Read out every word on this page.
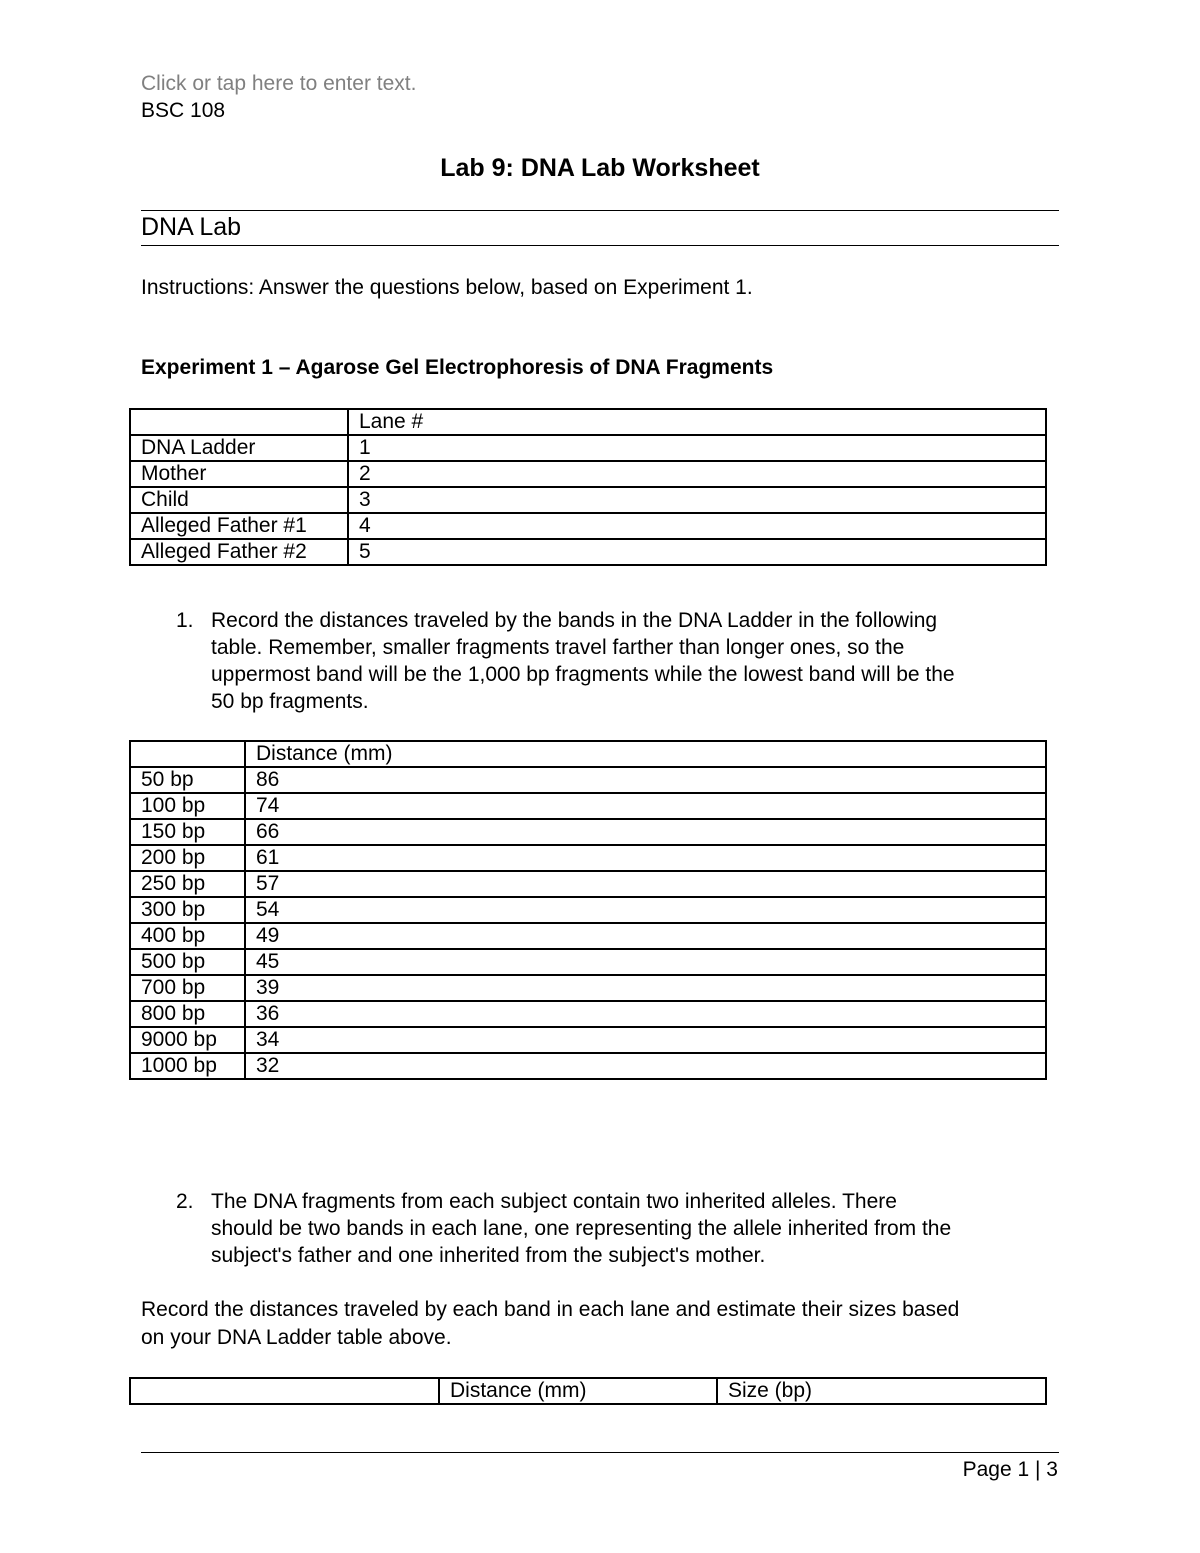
Click or tap here to enter text.
BSC 108
Lab 9: DNA Lab Worksheet
DNA Lab
Instructions: Answer the questions below, based on Experiment 1.
Experiment 1 – Agarose Gel Electrophoresis of DNA Fragments
	Lane #
DNA Ladder	1
Mother	2
Child	3
Alleged Father #1	4
Alleged Father #2	5
1. Record the distances traveled by the bands in the DNA Ladder in the following
table. Remember, smaller fragments travel farther than longer ones, so the
uppermost band will be the 1,000 bp fragments while the lowest band will be the
50 bp fragments.
	Distance (mm)
50 bp	86
100 bp	74
150 bp	66
200 bp	61
250 bp	57
300 bp	54
400 bp	49
500 bp	45
700 bp	39
800 bp	36
9000 bp	34
1000 bp	32
2. The DNA fragments from each subject contain two inherited alleles. There
should be two bands in each lane, one representing the allele inherited from the
subject's father and one inherited from the subject's mother.
Record the distances traveled by each band in each lane and estimate their sizes based
on your DNA Ladder table above.
	Distance (mm)	Size (bp)
Page 1 | 3
